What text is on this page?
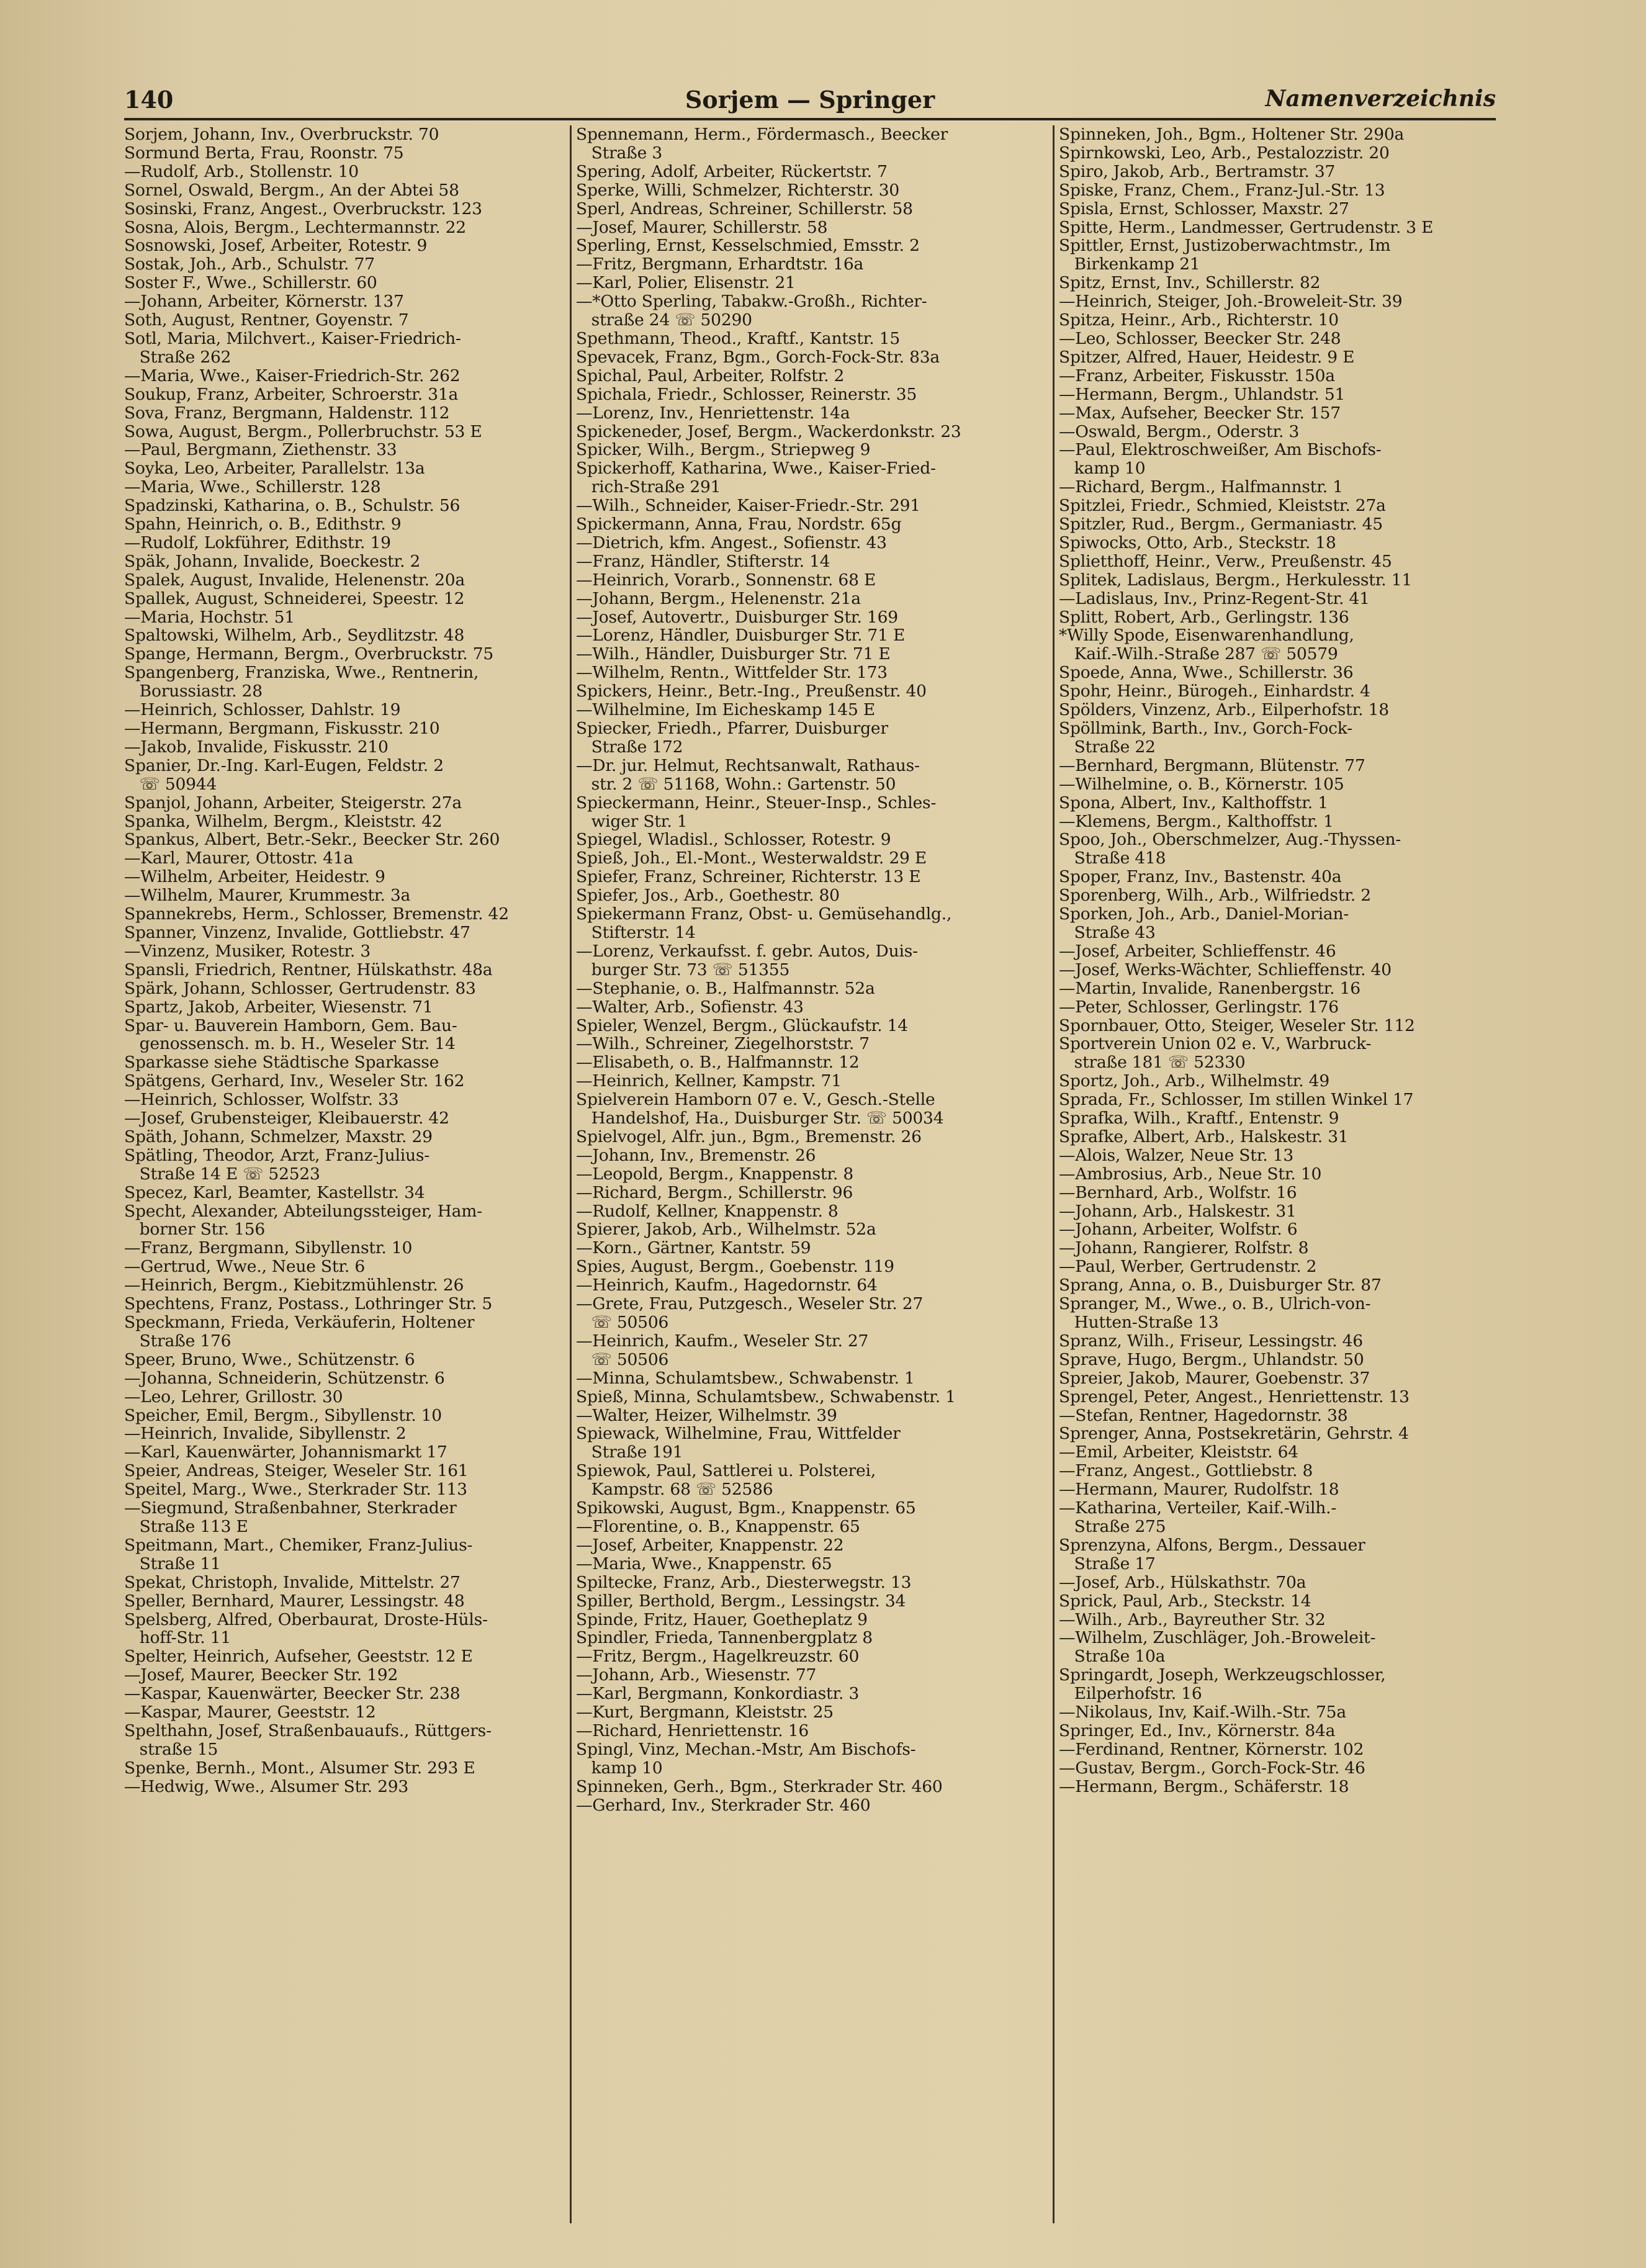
140	Sorjem — Springer	Namenverzeichnis
Sorjem, Johann, Inv., Overbruckstr. 70
Sormund Berta, Frau, Roonstr. 75
—Rudolf, Arb., Stollenstr. 10
Sornel, Oswald, Bergm., An der Abtei 58
Sosinski, Franz, Angest., Overbruckstr. 123
Sosna, Alois, Bergm., Lechtermannstr. 22
Sosnowski, Josef, Arbeiter, Rotestr. 9
Sostak, Joh., Arb., Schulstr. 77
Soster F., Wwe., Schillerstr. 60
—Johann, Arbeiter, Körnerstr. 137
Soth, August, Rentner, Goyenstr. 7
Sotl, Maria, Milchvert., Kaiser-Friedrich-
Straße 262
—Maria, Wwe., Kaiser-Friedrich-Str. 262
Soukup, Franz, Arbeiter, Schroerstr. 31a
Sova, Franz, Bergmann, Haldenstr. 112
Sowa, August, Bergm., Pollerbruchstr. 53 E
—Paul, Bergmann, Ziethenstr. 33
Soyka, Leo, Arbeiter, Parallelstr. 13a
—Maria, Wwe., Schillerstr. 128
Spadzinski, Katharina, o. B., Schulstr. 56
Spahn, Heinrich, o. B., Edithstr. 9
—Rudolf, Lokführer, Edithstr. 19
Späk, Johann, Invalide, Boeckestr. 2
Spalek, August, Invalide, Helenenstr. 20a
Spallek, August, Schneiderei, Speestr. 12
—Maria, Hochstr. 51
Spaltowski, Wilhelm, Arb., Seydlitzstr. 48
Spange, Hermann, Bergm., Overbruckstr. 75
Spangenberg, Franziska, Wwe., Rentnerin,
Borussiastr. 28
—Heinrich, Schlosser, Dahlstr. 19
—Hermann, Bergmann, Fiskusstr. 210
—Jakob, Invalide, Fiskusstr. 210
Spanier, Dr.-Ing. Karl-Eugen, Feldstr. 2
☏ 50944
Spanjol, Johann, Arbeiter, Steigerstr. 27a
Spanka, Wilhelm, Bergm., Kleiststr. 42
Spankus, Albert, Betr.-Sekr., Beecker Str. 260
—Karl, Maurer, Ottostr. 41a
—Wilhelm, Arbeiter, Heidestr. 9
—Wilhelm, Maurer, Krummestr. 3a
Spannekrebs, Herm., Schlosser, Bremenstr. 42
Spanner, Vinzenz, Invalide, Gottliebstr. 47
—Vinzenz, Musiker, Rotestr. 3
Spansli, Friedrich, Rentner, Hülskathstr. 48a
Spärk, Johann, Schlosser, Gertrudenstr. 83
Spartz, Jakob, Arbeiter, Wiesenstr. 71
Spar- u. Bauverein Hamborn, Gem. Bau-
genossensch. m. b. H., Weseler Str. 14
Sparkasse siehe Städtische Sparkasse
Spätgens, Gerhard, Inv., Weseler Str. 162
—Heinrich, Schlosser, Wolfstr. 33
—Josef, Grubensteiger, Kleibauerstr. 42
Späth, Johann, Schmelzer, Maxstr. 29
Spätling, Theodor, Arzt, Franz-Julius-
Straße 14 E ☏ 52523
Specez, Karl, Beamter, Kastellstr. 34
Specht, Alexander, Abteilungssteiger, Ham-
borner Str. 156
—Franz, Bergmann, Sibyllenstr. 10
—Gertrud, Wwe., Neue Str. 6
—Heinrich, Bergm., Kiebitzmühlenstr. 26
Spechtens, Franz, Postass., Lothringer Str. 5
Speckmann, Frieda, Verkäuferin, Holtener
Straße 176
Speer, Bruno, Wwe., Schützenstr. 6
—Johanna, Schneiderin, Schützenstr. 6
—Leo, Lehrer, Grillostr. 30
Speicher, Emil, Bergm., Sibyllenstr. 10
—Heinrich, Invalide, Sibyllenstr. 2
—Karl, Kauenwärter, Johannismarkt 17
Speier, Andreas, Steiger, Weseler Str. 161
Speitel, Marg., Wwe., Sterkrader Str. 113
—Siegmund, Straßenbahner, Sterkrader
Straße 113 E
Speitmann, Mart., Chemiker, Franz-Julius-
Straße 11
Spekat, Christoph, Invalide, Mittelstr. 27
Speller, Bernhard, Maurer, Lessingstr. 48
Spelsberg, Alfred, Oberbaurat, Droste-Hüls-
hoff-Str. 11
Spelter, Heinrich, Aufseher, Geeststr. 12 E
—Josef, Maurer, Beecker Str. 192
—Kaspar, Kauenwärter, Beecker Str. 238
—Kaspar, Maurer, Geeststr. 12
Spelthahn, Josef, Straßenbauaufs., Rüttgers-
straße 15
Spenke, Bernh., Mont., Alsumer Str. 293 E
—Hedwig, Wwe., Alsumer Str. 293
Spennemann, Herm., Fördermasch., Beecker
Straße 3
Spering, Adolf, Arbeiter, Rückertstr. 7
Sperke, Willi, Schmelzer, Richterstr. 30
Sperl, Andreas, Schreiner, Schillerstr. 58
—Josef, Maurer, Schillerstr. 58
Sperling, Ernst, Kesselschmied, Emsstr. 2
—Fritz, Bergmann, Erhardtstr. 16a
—Karl, Polier, Elisenstr. 21
—*Otto Sperling, Tabakw.-Großh., Richter-
straße 24 ☏ 50290
Spethmann, Theod., Kraftf., Kantstr. 15
Spevacek, Franz, Bgm., Gorch-Fock-Str. 83a
Spichal, Paul, Arbeiter, Rolfstr. 2
Spichala, Friedr., Schlosser, Reinerstr. 35
—Lorenz, Inv., Henriettenstr. 14a
Spickeneder, Josef, Bergm., Wackerdonkstr. 23
Spicker, Wilh., Bergm., Striepweg 9
Spickerhoff, Katharina, Wwe., Kaiser-Fried-
rich-Straße 291
—Wilh., Schneider, Kaiser-Friedr.-Str. 291
Spickermann, Anna, Frau, Nordstr. 65g
—Dietrich, kfm. Angest., Sofienstr. 43
—Franz, Händler, Stifterstr. 14
—Heinrich, Vorarb., Sonnenstr. 68 E
—Johann, Bergm., Helenenstr. 21a
—Josef, Autovertr., Duisburger Str. 169
—Lorenz, Händler, Duisburger Str. 71 E
—Wilh., Händler, Duisburger Str. 71 E
—Wilhelm, Rentn., Wittfelder Str. 173
Spickers, Heinr., Betr.-Ing., Preußenstr. 40
—Wilhelmine, Im Eicheskamp 145 E
Spiecker, Friedh., Pfarrer, Duisburger
Straße 172
—Dr. jur. Helmut, Rechtsanwalt, Rathaus-
str. 2 ☏ 51168, Wohn.: Gartenstr. 50
Spieckermann, Heinr., Steuer-Insp., Schles-
wiger Str. 1
Spiegel, Wladisl., Schlosser, Rotestr. 9
Spieß, Joh., El.-Mont., Westerwaldstr. 29 E
Spiefer, Franz, Schreiner, Richterstr. 13 E
Spiefer, Jos., Arb., Goethestr. 80
Spiekermann Franz, Obst- u. Gemüsehandlg.,
Stifterstr. 14
—Lorenz, Verkaufsst. f. gebr. Autos, Duis-
burger Str. 73 ☏ 51355
—Stephanie, o. B., Halfmannstr. 52a
—Walter, Arb., Sofienstr. 43
Spieler, Wenzel, Bergm., Glückaufstr. 14
—Wilh., Schreiner, Ziegelhorststr. 7
—Elisabeth, o. B., Halfmannstr. 12
—Heinrich, Kellner, Kampstr. 71
Spielverein Hamborn 07 e. V., Gesch.-Stelle
Handelshof, Ha., Duisburger Str. ☏ 50034
Spielvogel, Alfr. jun., Bgm., Bremenstr. 26
—Johann, Inv., Bremenstr. 26
—Leopold, Bergm., Knappenstr. 8
—Richard, Bergm., Schillerstr. 96
—Rudolf, Kellner, Knappenstr. 8
Spierer, Jakob, Arb., Wilhelmstr. 52a
—Korn., Gärtner, Kantstr. 59
Spies, August, Bergm., Goebenstr. 119
—Heinrich, Kaufm., Hagedornstr. 64
—Grete, Frau, Putzgesch., Weseler Str. 27
☏ 50506
—Heinrich, Kaufm., Weseler Str. 27
☏ 50506
—Minna, Schulamtsbew., Schwabenstr. 1
Spieß, Minna, Schulamtsbew., Schwabenstr. 1
—Walter, Heizer, Wilhelmstr. 39
Spiewack, Wilhelmine, Frau, Wittfelder
Straße 191
Spiewok, Paul, Sattlerei u. Polsterei,
Kampstr. 68 ☏ 52586
Spikowski, August, Bgm., Knappenstr. 65
—Florentine, o. B., Knappenstr. 65
—Josef, Arbeiter, Knappenstr. 22
—Maria, Wwe., Knappenstr. 65
Spiltecke, Franz, Arb., Diesterwegstr. 13
Spiller, Berthold, Bergm., Lessingstr. 34
Spinde, Fritz, Hauer, Goetheplatz 9
Spindler, Frieda, Tannenbergplatz 8
—Fritz, Bergm., Hagelkreuzstr. 60
—Johann, Arb., Wiesenstr. 77
—Karl, Bergmann, Konkordiastr. 3
—Kurt, Bergmann, Kleiststr. 25
—Richard, Henriettenstr. 16
Spingl, Vinz, Mechan.-Mstr, Am Bischofs-
kamp 10
Spinneken, Gerh., Bgm., Sterkrader Str. 460
—Gerhard, Inv., Sterkrader Str. 460
Spinneken, Joh., Bgm., Holtener Str. 290a
Spirnkowski, Leo, Arb., Pestalozzistr. 20
Spiro, Jakob, Arb., Bertramstr. 37
Spiske, Franz, Chem., Franz-Jul.-Str. 13
Spisla, Ernst, Schlosser, Maxstr. 27
Spitte, Herm., Landmesser, Gertrudenstr. 3 E
Spittler, Ernst, Justizoberwachtmstr., Im
Birkenkamp 21
Spitz, Ernst, Inv., Schillerstr. 82
—Heinrich, Steiger, Joh.-Broweleit-Str. 39
Spitza, Heinr., Arb., Richterstr. 10
—Leo, Schlosser, Beecker Str. 248
Spitzer, Alfred, Hauer, Heidestr. 9 E
—Franz, Arbeiter, Fiskusstr. 150a
—Hermann, Bergm., Uhlandstr. 51
—Max, Aufseher, Beecker Str. 157
—Oswald, Bergm., Oderstr. 3
—Paul, Elektroschweißer, Am Bischofs-
kamp 10
—Richard, Bergm., Halfmannstr. 1
Spitzlei, Friedr., Schmied, Kleiststr. 27a
Spitzler, Rud., Bergm., Germaniastr. 45
Spiwocks, Otto, Arb., Steckstr. 18
Splietthoff, Heinr., Verw., Preußenstr. 45
Splitek, Ladislaus, Bergm., Herkulesstr. 11
—Ladislaus, Inv., Prinz-Regent-Str. 41
Splitt, Robert, Arb., Gerlingstr. 136
*Willy Spode, Eisenwarenhandlung,
Kaif.-Wilh.-Straße 287 ☏ 50579
Spoede, Anna, Wwe., Schillerstr. 36
Spohr, Heinr., Bürogeh., Einhardstr. 4
Spölders, Vinzenz, Arb., Eilperhofstr. 18
Spöllmink, Barth., Inv., Gorch-Fock-
Straße 22
—Bernhard, Bergmann, Blütenstr. 77
—Wilhelmine, o. B., Körnerstr. 105
Spona, Albert, Inv., Kalthoffstr. 1
—Klemens, Bergm., Kalthoffstr. 1
Spoo, Joh., Oberschmelzer, Aug.-Thyssen-
Straße 418
Spoper, Franz, Inv., Bastenstr. 40a
Sporenberg, Wilh., Arb., Wilfriedstr. 2
Sporken, Joh., Arb., Daniel-Morian-
Straße 43
—Josef, Arbeiter, Schlieffenstr. 46
—Josef, Werks-Wächter, Schlieffenstr. 40
—Martin, Invalide, Ranenbergstr. 16
—Peter, Schlosser, Gerlingstr. 176
Spornbauer, Otto, Steiger, Weseler Str. 112
Sportverein Union 02 e. V., Warbruck-
straße 181 ☏ 52330
Sportz, Joh., Arb., Wilhelmstr. 49
Sprada, Fr., Schlosser, Im stillen Winkel 17
Sprafka, Wilh., Kraftf., Entenstr. 9
Sprafke, Albert, Arb., Halskestr. 31
—Alois, Walzer, Neue Str. 13
—Ambrosius, Arb., Neue Str. 10
—Bernhard, Arb., Wolfstr. 16
—Johann, Arb., Halskestr. 31
—Johann, Arbeiter, Wolfstr. 6
—Johann, Rangierer, Rolfstr. 8
—Paul, Werber, Gertrudenstr. 2
Sprang, Anna, o. B., Duisburger Str. 87
Spranger, M., Wwe., o. B., Ulrich-von-
Hutten-Straße 13
Spranz, Wilh., Friseur, Lessingstr. 46
Sprave, Hugo, Bergm., Uhlandstr. 50
Spreier, Jakob, Maurer, Goebenstr. 37
Sprengel, Peter, Angest., Henriettenstr. 13
—Stefan, Rentner, Hagedornstr. 38
Sprenger, Anna, Postsekretärin, Gehrstr. 4
—Emil, Arbeiter, Kleiststr. 64
—Franz, Angest., Gottliebstr. 8
—Hermann, Maurer, Rudolfstr. 18
—Katharina, Verteiler, Kaif.-Wilh.-
Straße 275
Sprenzyna, Alfons, Bergm., Dessauer
Straße 17
—Josef, Arb., Hülskathstr. 70a
Sprick, Paul, Arb., Steckstr. 14
—Wilh., Arb., Bayreuther Str. 32
—Wilhelm, Zuschläger, Joh.-Broweleit-
Straße 10a
Springardt, Joseph, Werkzeugschlosser,
Eilperhofstr. 16
—Nikolaus, Inv, Kaif.-Wilh.-Str. 75a
Springer, Ed., Inv., Körnerstr. 84a
—Ferdinand, Rentner, Körnerstr. 102
—Gustav, Bergm., Gorch-Fock-Str. 46
—Hermann, Bergm., Schäferstr. 18
